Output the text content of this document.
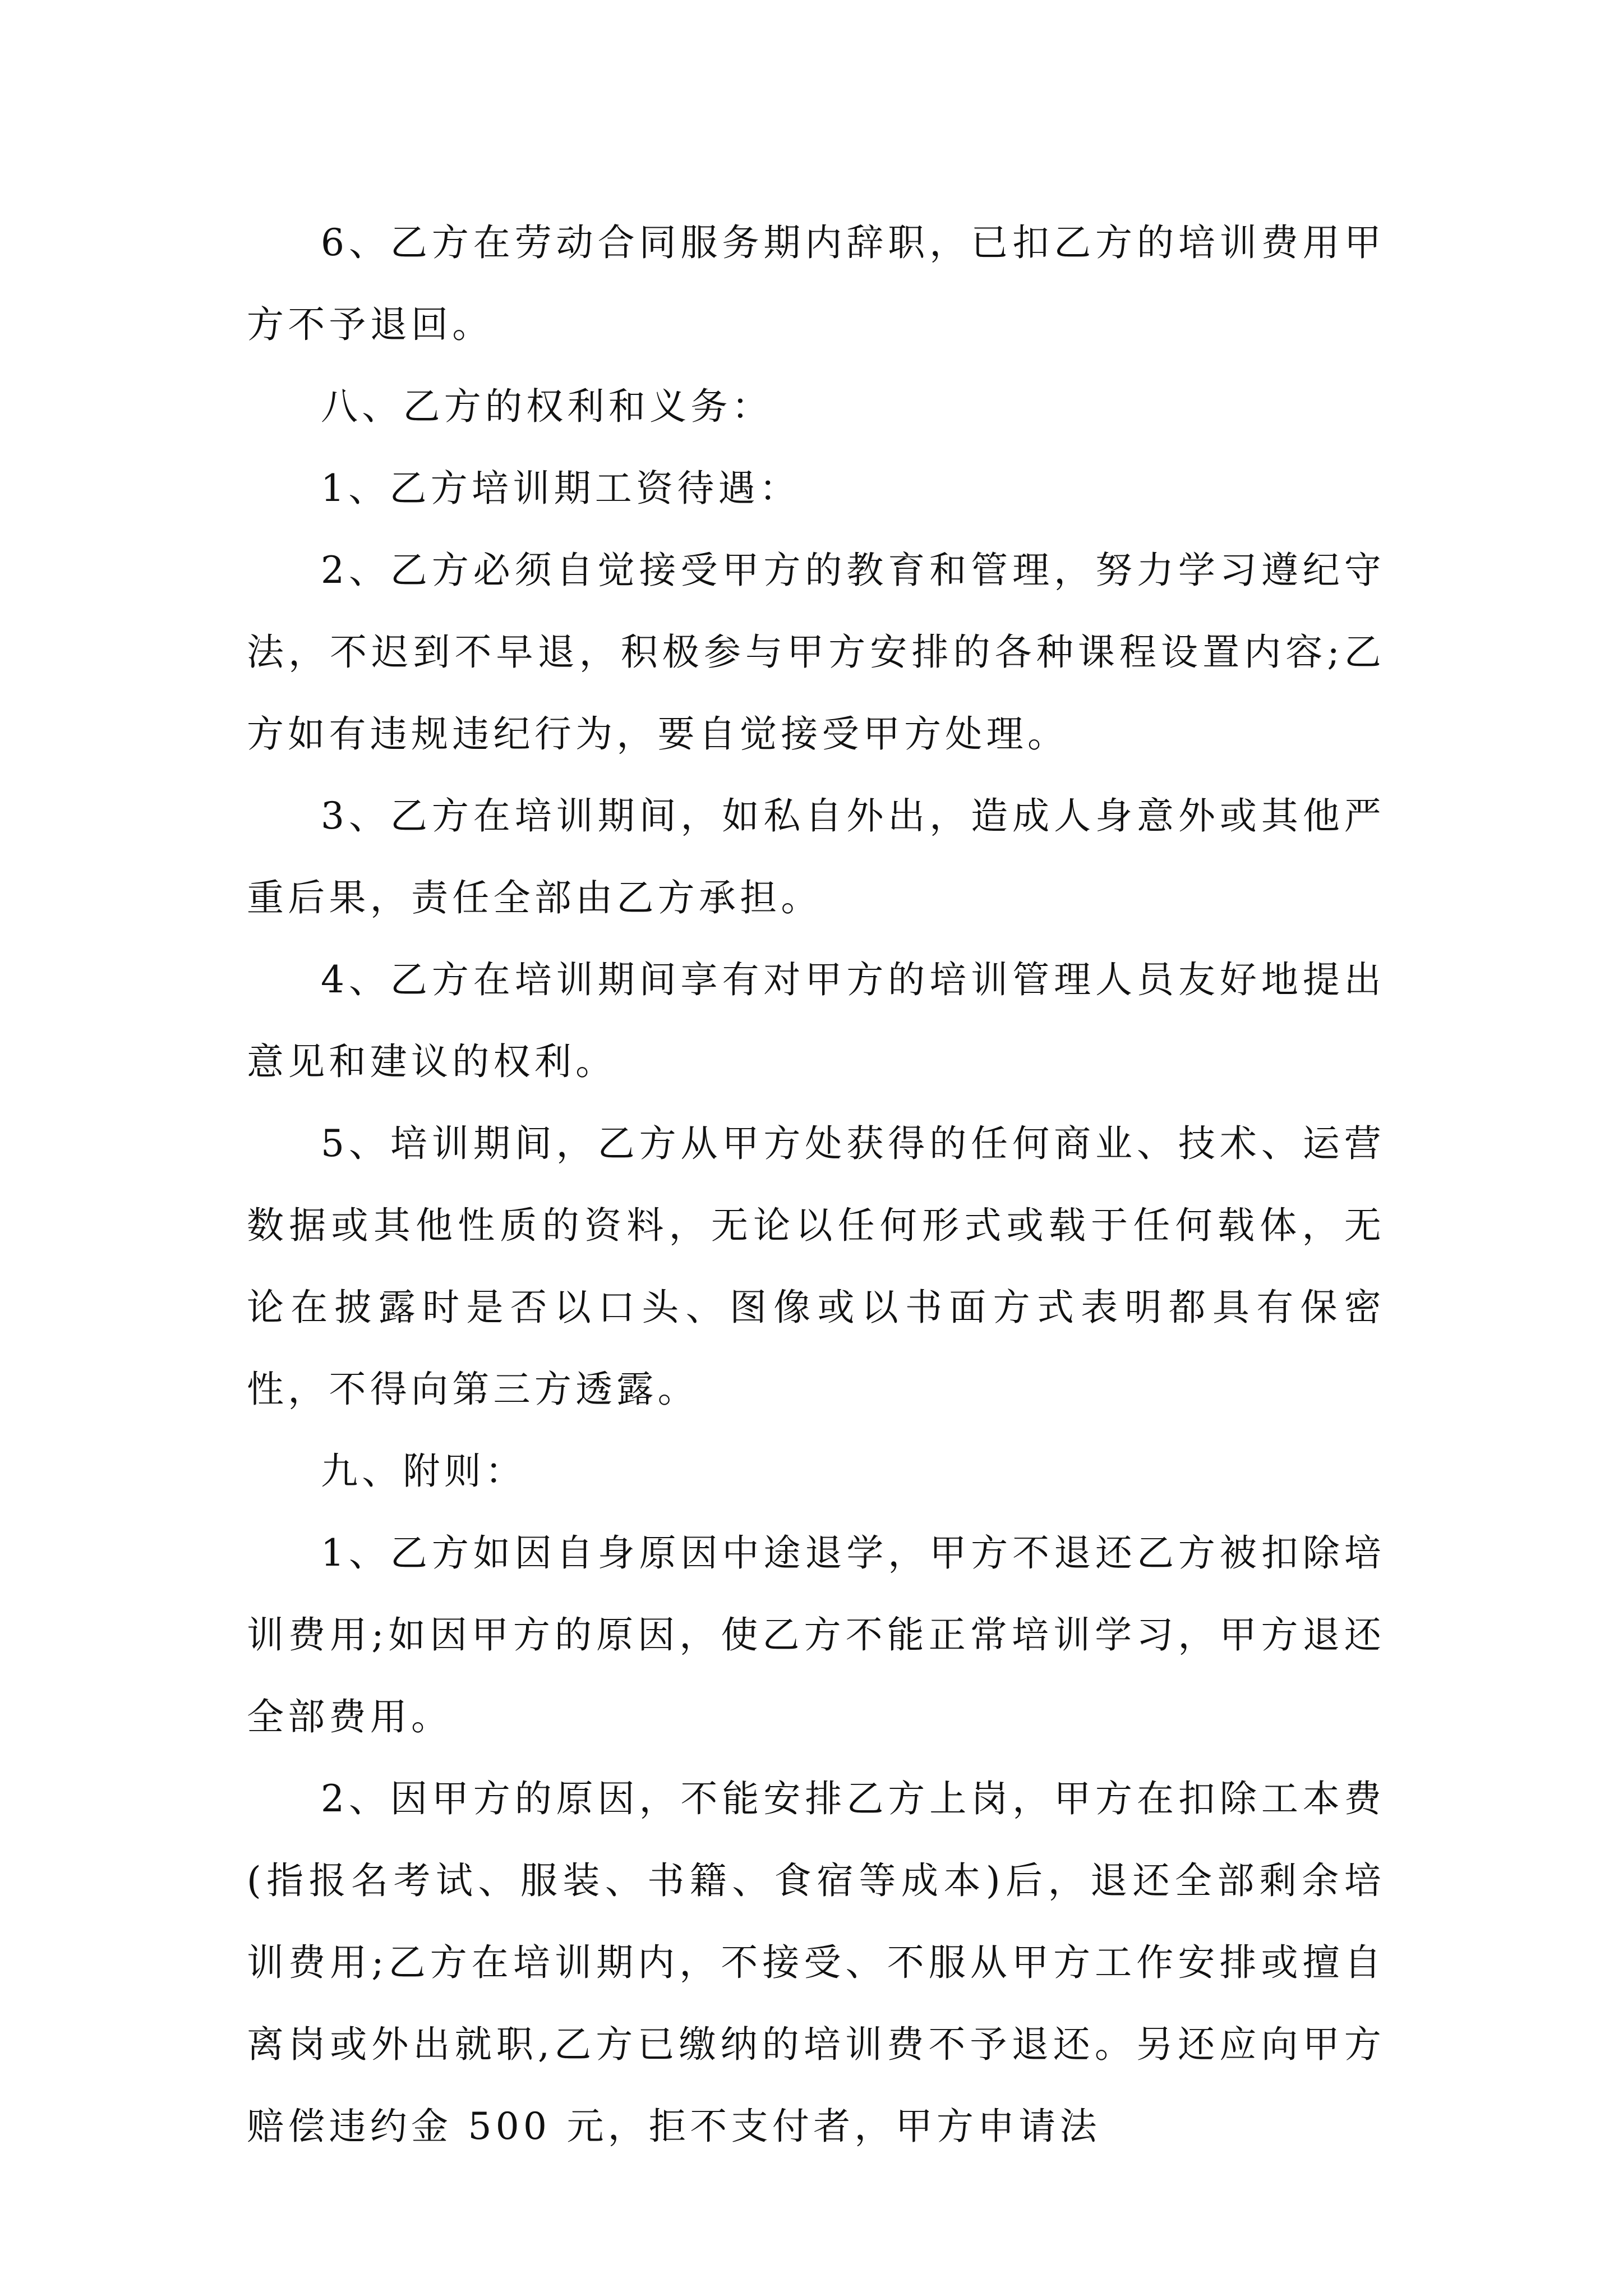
6、乙方在劳动合同服务期内辞职，已扣乙方的培训费用甲方不予退回。

八、乙方的权利和义务：

1、乙方培训期工资待遇：

2、乙方必须自觉接受甲方的教育和管理，努力学习遵纪守法，不迟到不早退，积极参与甲方安排的各种课程设置内容;乙方如有违规违纪行为，要自觉接受甲方处理。

3、乙方在培训期间，如私自外出，造成人身意外或其他严重后果，责任全部由乙方承担。

4、乙方在培训期间享有对甲方的培训管理人员友好地提出意见和建议的权利。

5、培训期间，乙方从甲方处获得的任何商业、技术、运营数据或其他性质的资料，无论以任何形式或载于任何载体，无论在披露时是否以口头、图像或以书面方式表明都具有保密性，不得向第三方透露。

九、附则：

1、乙方如因自身原因中途退学，甲方不退还乙方被扣除培训费用;如因甲方的原因，使乙方不能正常培训学习，甲方退还全部费用。

2、因甲方的原因，不能安排乙方上岗，甲方在扣除工本费(指报名考试、服装、书籍、食宿等成本)后，退还全部剩余培训费用;乙方在培训期内，不接受、不服从甲方工作安排或擅自离岗或外出就职,乙方已缴纳的培训费不予退还。另还应向甲方赔偿违约金 500 元，拒不支付者，甲方申请法
